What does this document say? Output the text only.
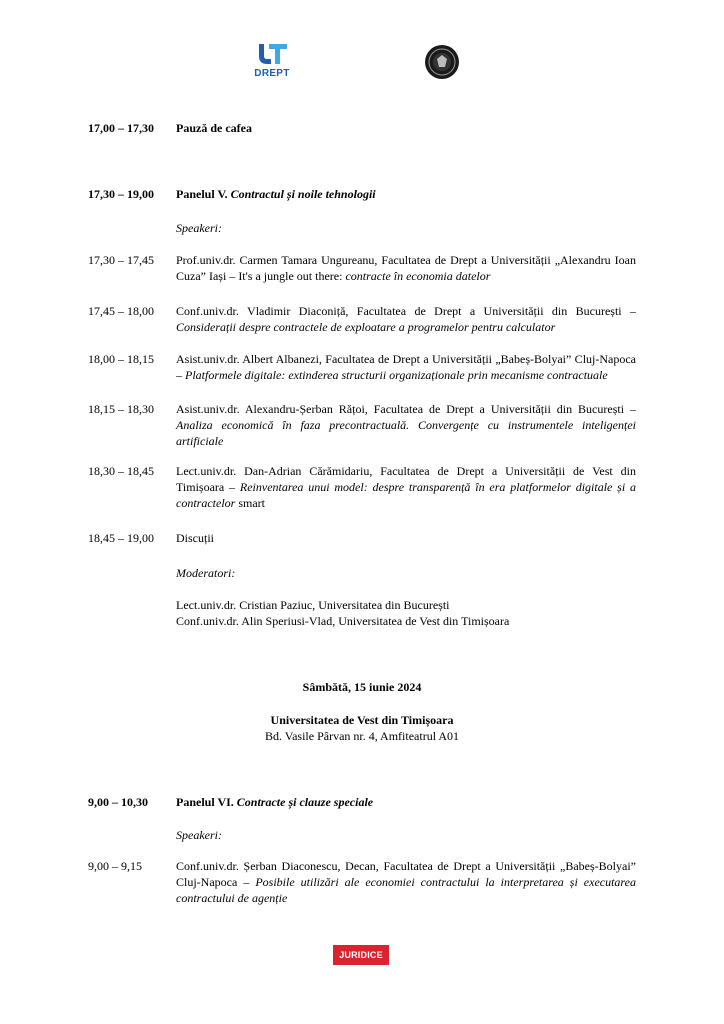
DREPT
17,00 – 17,30	Pauză de cafea
17,30 – 19,00	Panelul V. Contractul și noile tehnologii
Speakeri:
17,30 – 17,45	Prof.univ.dr. Carmen Tamara Ungureanu, Facultatea de Drept a Universității „Alexandru Ioan Cuza” Iași – It's a jungle out there: contracte în economia datelor
17,45 – 18,00	Conf.univ.dr. Vladimir Diaconiță, Facultatea de Drept a Universității din București – Considerații despre contractele de exploatare a programelor pentru calculator
18,00 – 18,15	Asist.univ.dr. Albert Albanezi, Facultatea de Drept a Universității „Babeș-Bolyai” Cluj-Napoca – Platformele digitale: extinderea structurii organizaționale prin mecanisme contractuale
18,15 – 18,30	Asist.univ.dr. Alexandru-Șerban Rățoi, Facultatea de Drept a Universității din București – Analiza economică în faza precontractuală. Convergențe cu instrumentele inteligenței artificiale
18,30 – 18,45	Lect.univ.dr. Dan-Adrian Cărămidariu, Facultatea de Drept a Universității de Vest din Timișoara – Reinventarea unui model: despre transparență în era platformelor digitale și a contractelor smart
18,45 – 19,00	Discuții
Moderatori:
Lect.univ.dr. Cristian Paziuc, Universitatea din București
Conf.univ.dr. Alin Speriusi-Vlad, Universitatea de Vest din Timișoara
Sâmbătă, 15 iunie 2024
Universitatea de Vest din Timișoara
Bd. Vasile Pârvan nr. 4, Amfiteatrul A01
9,00 – 10,30	Panelul VI. Contracte și clauze speciale
Speakeri:
9,00 – 9,15	Conf.univ.dr. Șerban Diaconescu, Decan, Facultatea de Drept a Universității „Babeș-Bolyai” Cluj-Napoca – Posibile utilizări ale economiei contractului la interpretarea și executarea contractului de agenție
JURIDICE
